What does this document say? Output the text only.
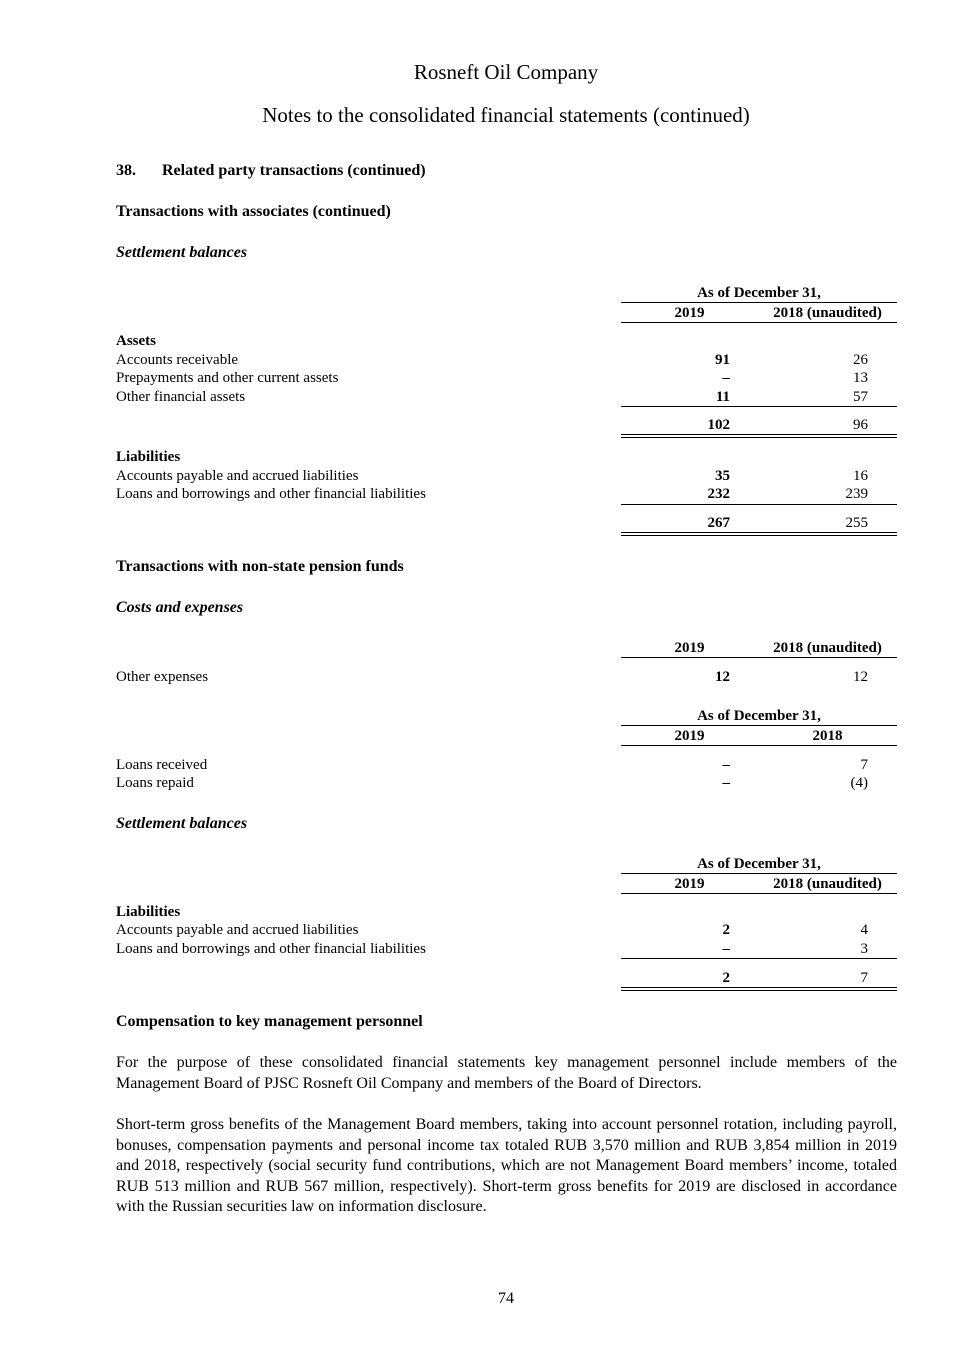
Rosneft Oil Company
Notes to the consolidated financial statements (continued)
38. Related party transactions (continued)
Transactions with associates (continued)
Settlement balances
As of December 31,
2019	2018 (unaudited)
Assets
Accounts receivable	91	26
Prepayments and other current assets	–	13
Other financial assets	11	57
102	96
Liabilities
Accounts payable and accrued liabilities	35	16
Loans and borrowings and other financial liabilities	232	239
267	255
Transactions with non-state pension funds
Costs and expenses
2019	2018 (unaudited)
Other expenses	12	12
As of December 31,
2019	2018
Loans received	–	7
Loans repaid	–	(4)
Settlement balances
As of December 31,
2019	2018 (unaudited)
Liabilities
Accounts payable and accrued liabilities	2	4
Loans and borrowings and other financial liabilities	–	3
2	7
Compensation to key management personnel
For the purpose of these consolidated financial statements key management personnel include members of the Management Board of PJSC Rosneft Oil Company and members of the Board of Directors.
Short-term gross benefits of the Management Board members, taking into account personnel rotation, including payroll, bonuses, compensation payments and personal income tax totaled RUB 3,570 million and RUB 3,854 million in 2019 and 2018, respectively (social security fund contributions, which are not Management Board members’ income, totaled RUB 513 million and RUB 567 million, respectively). Short-term gross benefits for 2019 are disclosed in accordance with the Russian securities law on information disclosure.
74
